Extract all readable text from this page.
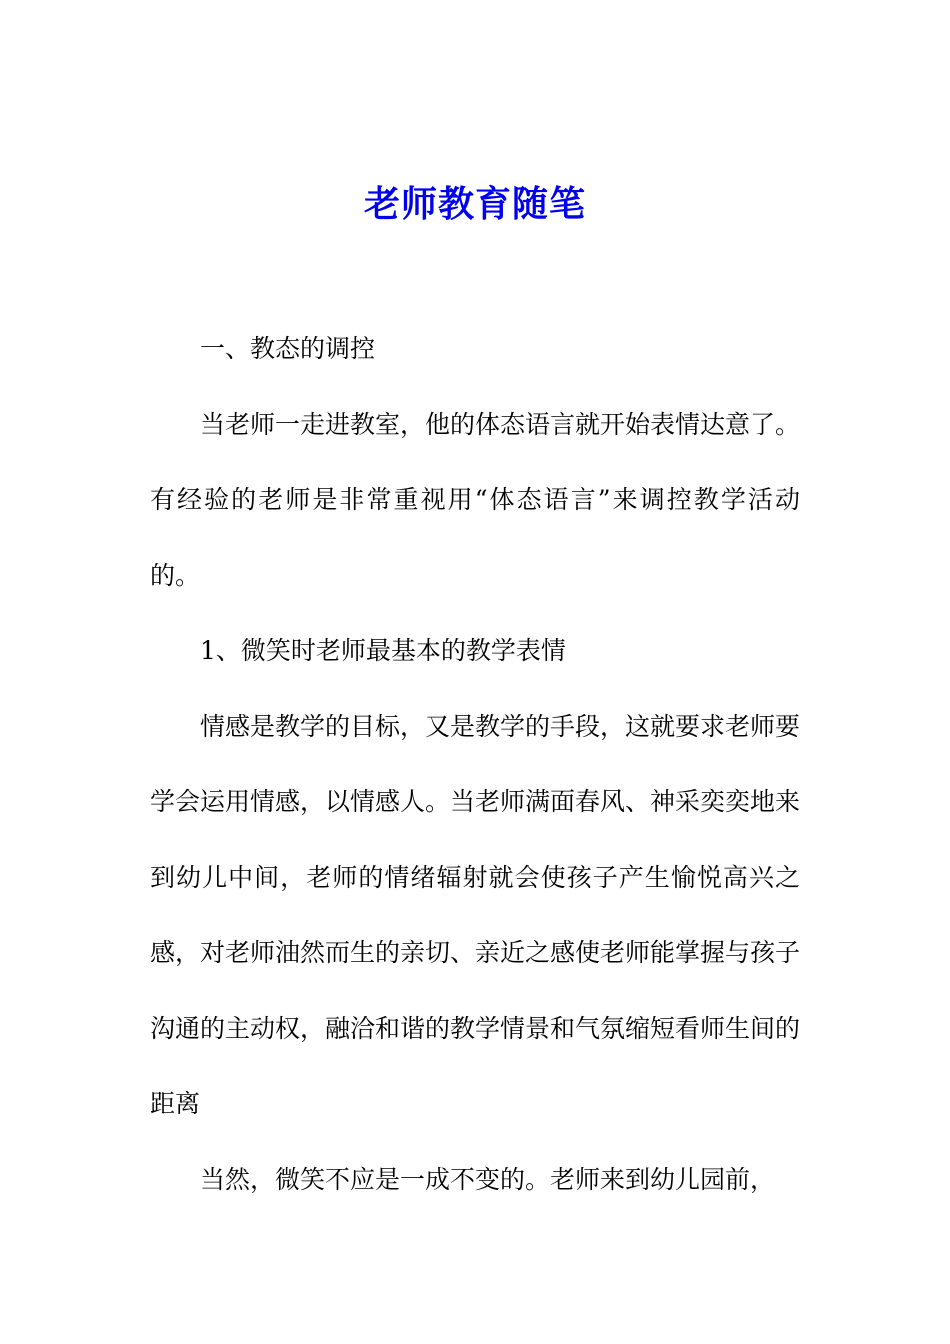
老师教育随笔

一、教态的调控

当老师一走进教室，他的体态语言就开始表情达意了。有经验的老师是非常重视用“体态语言”来调控教学活动的。

1、微笑时老师最基本的教学表情

情感是教学的目标，又是教学的手段，这就要求老师要学会运用情感，以情感人。当老师满面春风、神采奕奕地来到幼儿中间，老师的情绪辐射就会使孩子产生愉悦高兴之感，对老师油然而生的亲切、亲近之感使老师能掌握与孩子沟通的主动权，融洽和谐的教学情景和气氛缩短看师生间的距离

当然，微笑不应是一成不变的。老师来到幼儿园前，
